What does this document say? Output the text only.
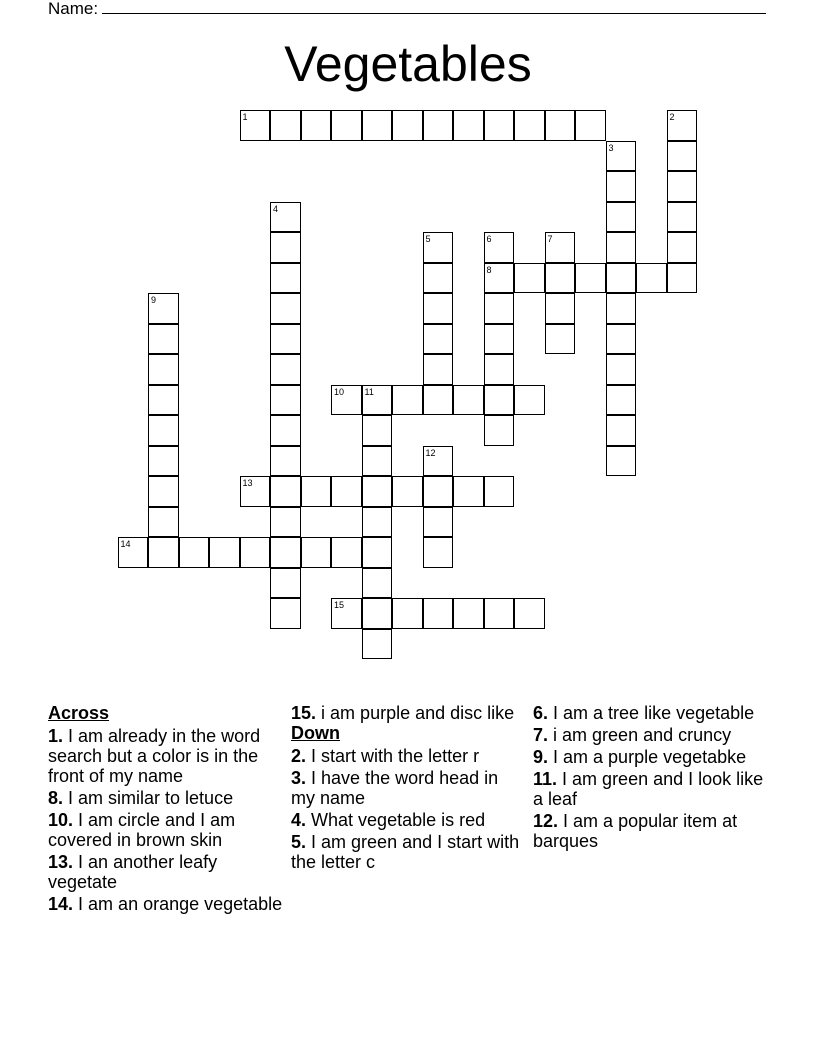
Name:
Vegetables
1	2
3
4
5	6
8
7
9
10 11
12
13
14
15
Across
1. I am already in the word search but a color is in the front of my name
8. I am similar to letuce
10. I am circle and I am covered in brown skin
13. I an another leafy vegetate
14. I am an orange vegetable
15. i am purple and disc like
Down
2. I start with the letter r
3. I have the word head in my name
4. What vegetable is red
5. I am green and I start with the letter c
6. I am a tree like vegetable
7. i am green and cruncy
9. I am a purple vegetabke
11. I am green and I look like a leaf
12. I am a popular item at barques
